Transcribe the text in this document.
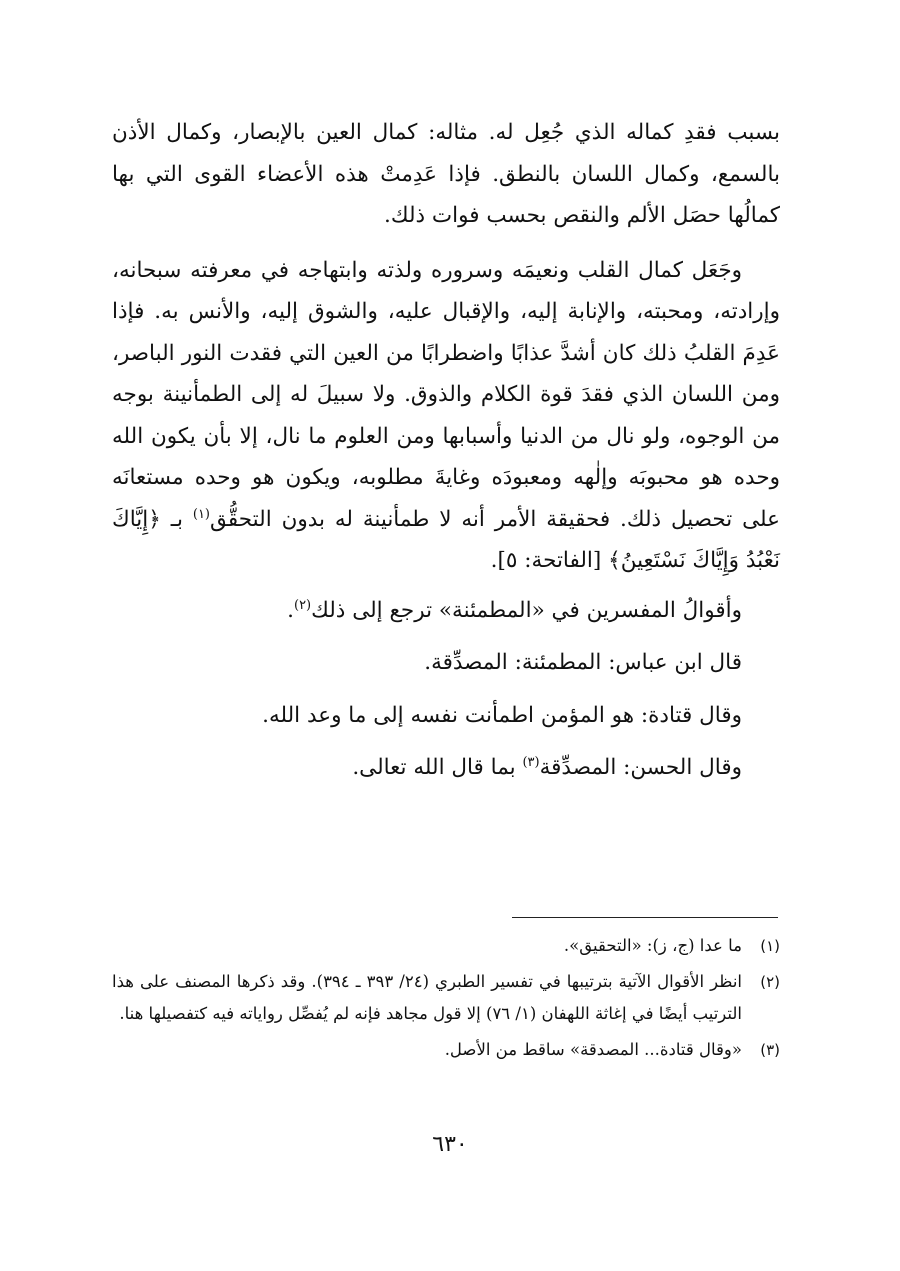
بسبب فقدِ كماله الذي جُعِل له. مثاله: كمال العين بالإبصار، وكمال الأذن بالسمع، وكمال اللسان بالنطق. فإذا عَدِمتْ هذه الأعضاء القوى التي بها كمالُها حصَل الألم والنقص بحسب فوات ذلك.

وجَعَل كمال القلب ونعيمَه وسروره ولذته وابتهاجه في معرفته سبحانه، وإرادته، ومحبته، والإنابة إليه، والإقبال عليه، والشوق إليه، والأنس به. فإذا عَدِمَ القلبُ ذلك كان أشدَّ عذابًا واضطرابًا من العين التي فقدت النور الباصر، ومن اللسان الذي فقدَ قوة الكلام والذوق. ولا سبيلَ له إلى الطمأنينة بوجه من الوجوه، ولو نال من الدنيا وأسبابها ومن العلوم ما نال، إلا بأن يكون الله وحده هو محبوبَه وإلٰهه ومعبودَه وغايةَ مطلوبه، ويكون هو وحده مستعانَه على تحصيل ذلك. فحقيقة الأمر أنه لا طمأنينة له بدون التحقُّق$^{(١)}$ بـ ﴿إِيَّاكَ نَعْبُدُ وَإِيَّاكَ نَسْتَعِينُ﴾ [الفاتحة: ٥].

وأقوالُ المفسرين في «المطمئنة» ترجع إلى ذلك$^{(٢)}$.

قال ابن عباس: المطمئنة: المصدِّقة.

وقال قتادة: هو المؤمن اطمأنت نفسه إلى ما وعد الله.

وقال الحسن: المصدِّقة$^{(٣)}$ بما قال الله تعالى.

(١)
ما عدا (ج، ز): «التحقيق».
(٢)
انظر الأقوال الآتية بترتيبها في تفسير الطبري (٢٤/ ٣٩٣ ـ ٣٩٤). وقد ذكرها المصنف على هذا الترتيب أيضًا في إغاثة اللهفان (١/ ٧٦) إلا قول مجاهد فإنه لم يُفصِّل رواياته فيه كتفصيلها هنا.
(٣)
«وقال قتادة... المصدقة» ساقط من الأصل.
٦٣٠
